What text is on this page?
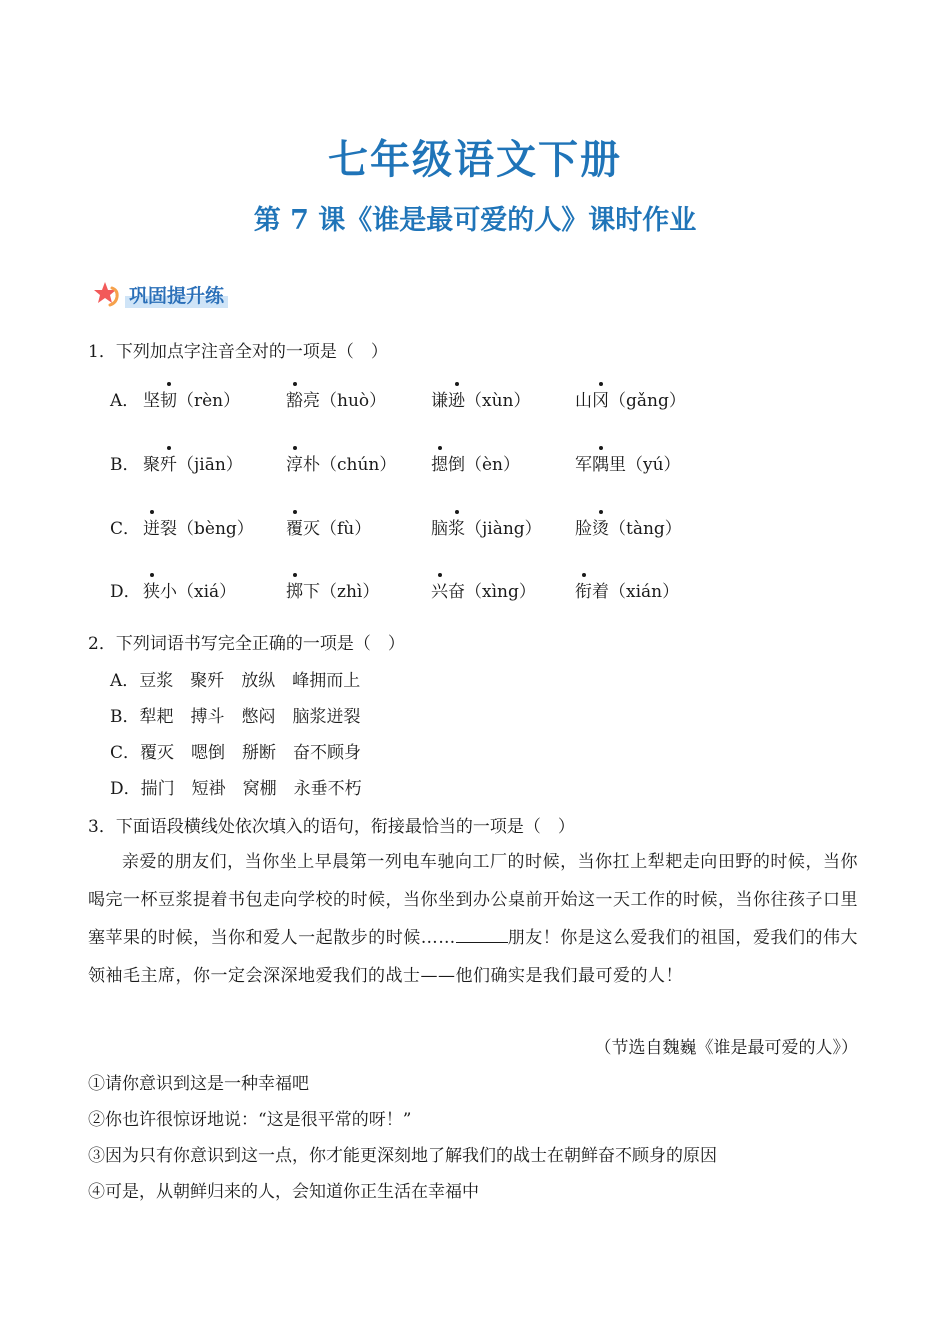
七年级语文下册
第 7 课《谁是最可爱的人》课时作业
巩固提升练
1．下列加点字注音全对的一项是（　）
A． 坚韧（rèn）	豁亮（huò）	谦逊（xùn）	山冈（gǎng）
B． 聚歼（jiān）	淳朴（chún） 摁倒（èn）	军隅里（yú）
C． 迸裂（bèng） 覆灭（fù）	脑浆（jiàng） 脸烫（tàng）
D． 狭小（xiá）	掷下（zhì）	兴奋（xìng） 衔着（xián）
2．下列词语书写完全正确的一项是（　）
A．豆浆　聚歼　放纵　峰拥而上
B．犁耙　搏斗　憋闷　脑浆迸裂
C．覆灭　嗯倒　掰断　奋不顾身
D．揣门　短褂　窝棚　永垂不朽
3．下面语段横线处依次填入的语句，衔接最恰当的一项是（　）
亲爱的朋友们，当你坐上早晨第一列电车驰向工厂的时候，当你扛上犁耙走向田野的时候，当你喝完一杯豆浆提着书包走向学校的时候，当你坐到办公桌前开始这一天工作的时候，当你往孩子口里塞苹果的时候，当你和爱人一起散步的时候……	朋友！你是这么爱我们的祖国，爱我们的伟大领袖毛主席，你一定会深深地爱我们的战士——他们确实是我们最可爱的人！
（节选自魏巍《谁是最可爱的人》）
①请你意识到这是一种幸福吧
②你也许很惊讶地说：“这是很平常的呀！”
③因为只有你意识到这一点，你才能更深刻地了解我们的战士在朝鲜奋不顾身的原因
④可是，从朝鲜归来的人，会知道你正生活在幸福中
